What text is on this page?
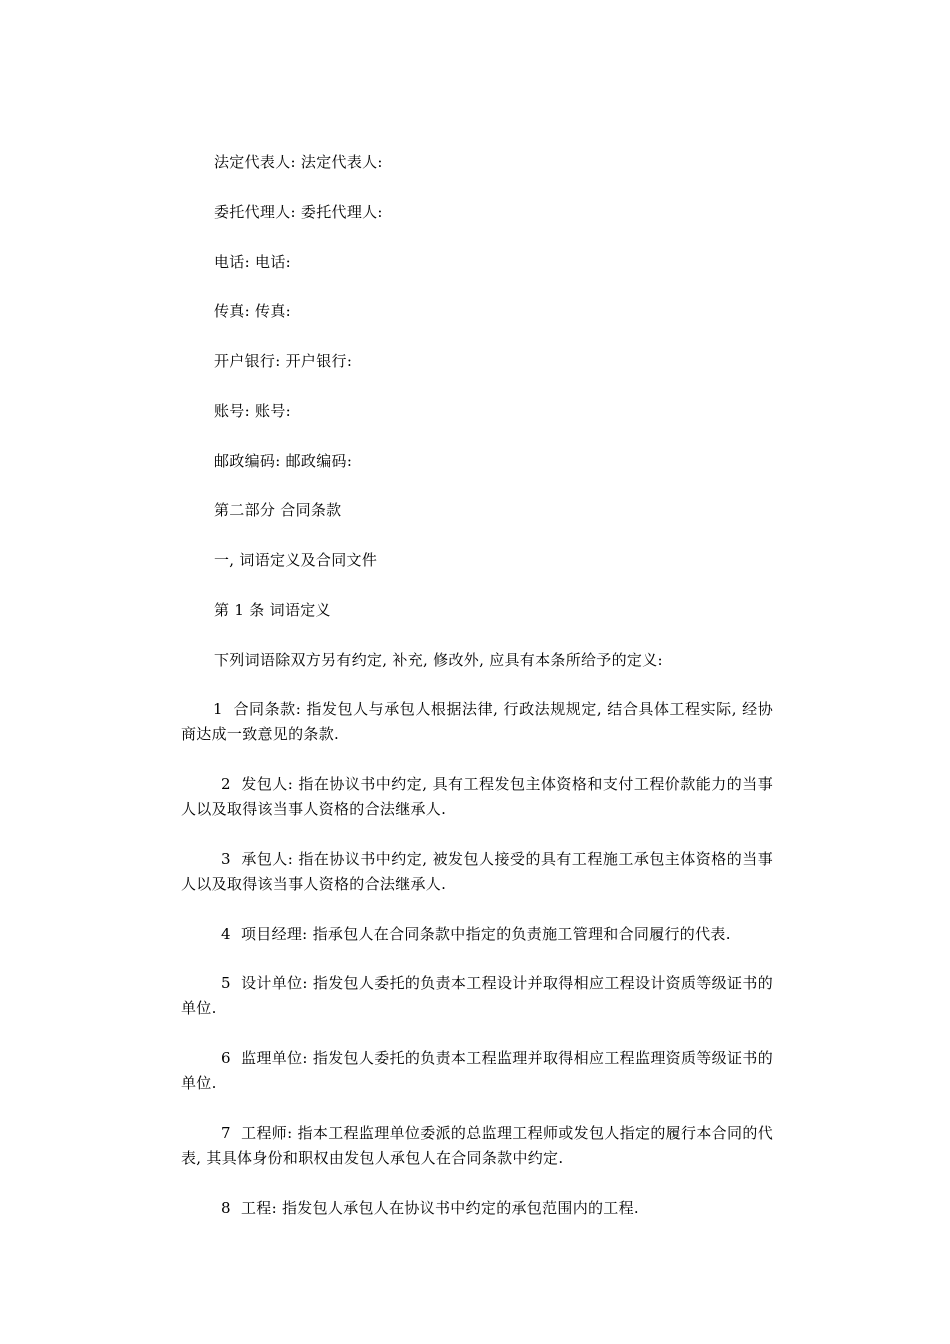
法定代表人: 法定代表人:
委托代理人: 委托代理人:
电话: 电话:
传真: 传真:
开户银行: 开户银行:
账号: 账号:
邮政编码: 邮政编码:
第二部分 合同条款
一, 词语定义及合同文件
第 1 条 词语定义
下列词语除双方另有约定, 补充, 修改外, 应具有本条所给予的定义:
1 合同条款: 指发包人与承包人根据法律, 行政法规规定, 结合具体工程实际, 经协商达成一致意见的条款.
2 发包人: 指在协议书中约定, 具有工程发包主体资格和支付工程价款能力的当事人以及取得该当事人资格的合法继承人.
3 承包人: 指在协议书中约定, 被发包人接受的具有工程施工承包主体资格的当事人以及取得该当事人资格的合法继承人.
4 项目经理: 指承包人在合同条款中指定的负责施工管理和合同履行的代表.
5 设计单位: 指发包人委托的负责本工程设计并取得相应工程设计资质等级证书的单位.
6 监理单位: 指发包人委托的负责本工程监理并取得相应工程监理资质等级证书的单位.
7 工程师: 指本工程监理单位委派的总监理工程师或发包人指定的履行本合同的代表, 其具体身份和职权由发包人承包人在合同条款中约定.
8 工程: 指发包人承包人在协议书中约定的承包范围内的工程.
